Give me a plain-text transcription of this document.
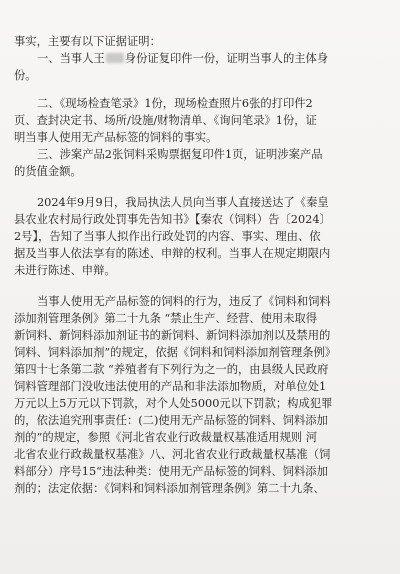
事实，主要有以下证据证明：
一、当事人王 身份证复印件一份，证明当事人的主体身
份。
二、《现场检查笔录》1份，现场检查照片6张的打印件2
页、查封决定书、场所/设施/财物清单、《询问笔录》1份，证
明当事人使用无产品标签的饲料的事实。
三、涉案产品2张饲料采购票据复印件1页，证明涉案产品
的货值金额。
2024年9月9日，我局执法人员向当事人直接送达了《秦皇
县农业农村局行政处罚事先告知书》【秦农（饲料）告〔2024〕
2号】，告知了当事人拟作出行政处罚的内容、事实、理由、依
据及当事人依法享有的陈述、申辩的权利。当事人在规定期限内
未进行陈述、申辩。
当事人使用无产品标签的饲料的行为，违反了《饲料和饲料
添加剂管理条例》第二十九条 “禁止生产、经营、使用未取得
新饲料、新饲料添加剂证书的新饲料、新饲料添加剂以及禁用的
饲料、饲料添加剂”的规定，依据《饲料和饲料添加剂管理条例》
第四十七条第二款 “养殖者有下列行为之一的，由县级人民政府
饲料管理部门没收违法使用的产品和非法添加物质，对单位处1
万元以上5万元以下罚款，对个人处5000元以下罚款；构成犯罪
的，依法追究刑事责任：(二)使用无产品标签的饲料、饲料添加
剂的”的规定，参照《河北省农业行政裁量权基准适用规则 河
北省农业行政裁量权基准》八、河北省农业行政裁量权基准（饲
料部分）序号15“违法种类：使用无产品标签的饲料、饲料添加
剂的；法定依据：《饲料和饲料添加剂管理条例》第二十九条、
